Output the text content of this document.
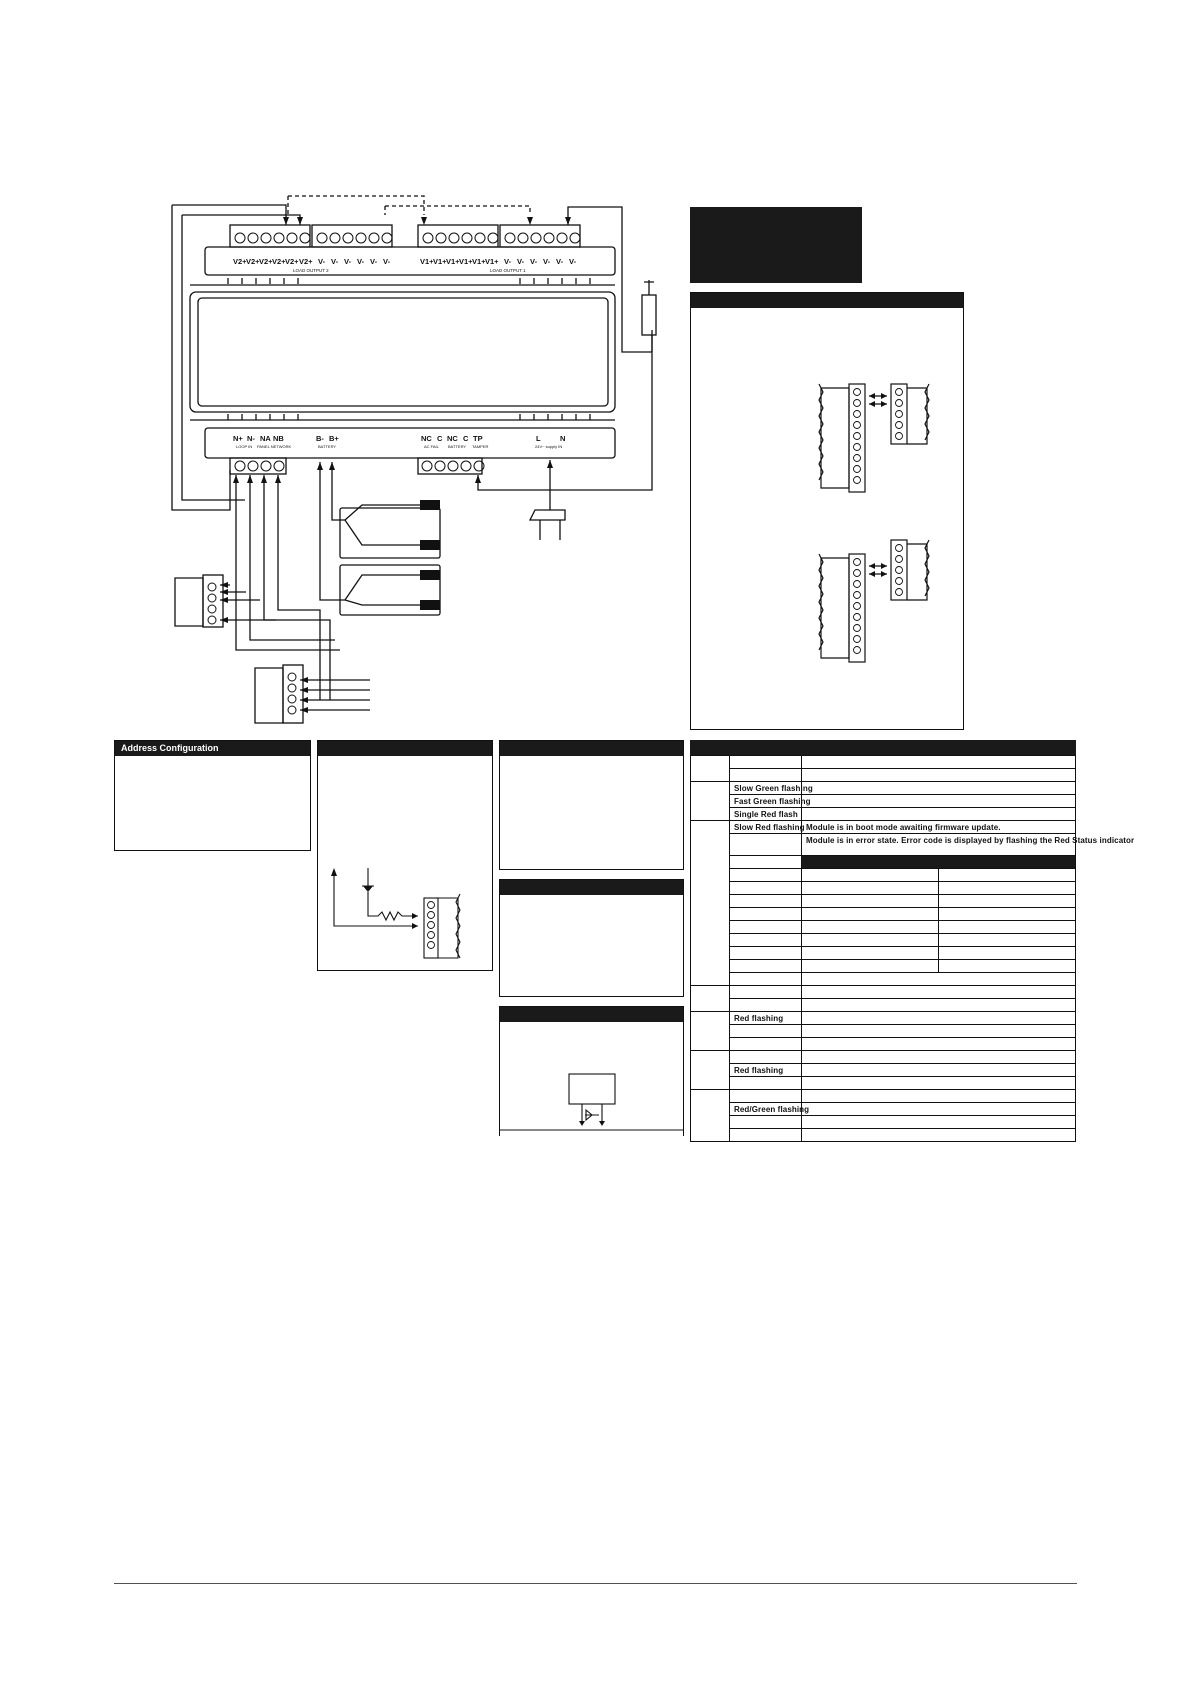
V2+ V2+ V2+ V2+ V2+ V2+ V- V- V- V- V- V-	V1+ V1+ V1+ V1+ V1+ V1+ V- V- V- V- V- V-
LOAD OUTPUT 2	LOAD OUTPUT 1
N+ N- NA NB	B- B+	NC C NC C TP	L	N
LOOP IN PANEL NETWORK	BATTERY	AC FAIL BATTERY TAMPER	24V~ supply IN
Address Configuration

	Slow Green flashing		
	Fast Green flashing		
	Single Red flash		
	Slow Red flashing	Module is in boot mode awaiting firmware update.	
		Module is in error state. Error code is displayed by flashing the Red Status indicator	

	Red flashing		

	Red flashing		

	Red/Green flashing		
